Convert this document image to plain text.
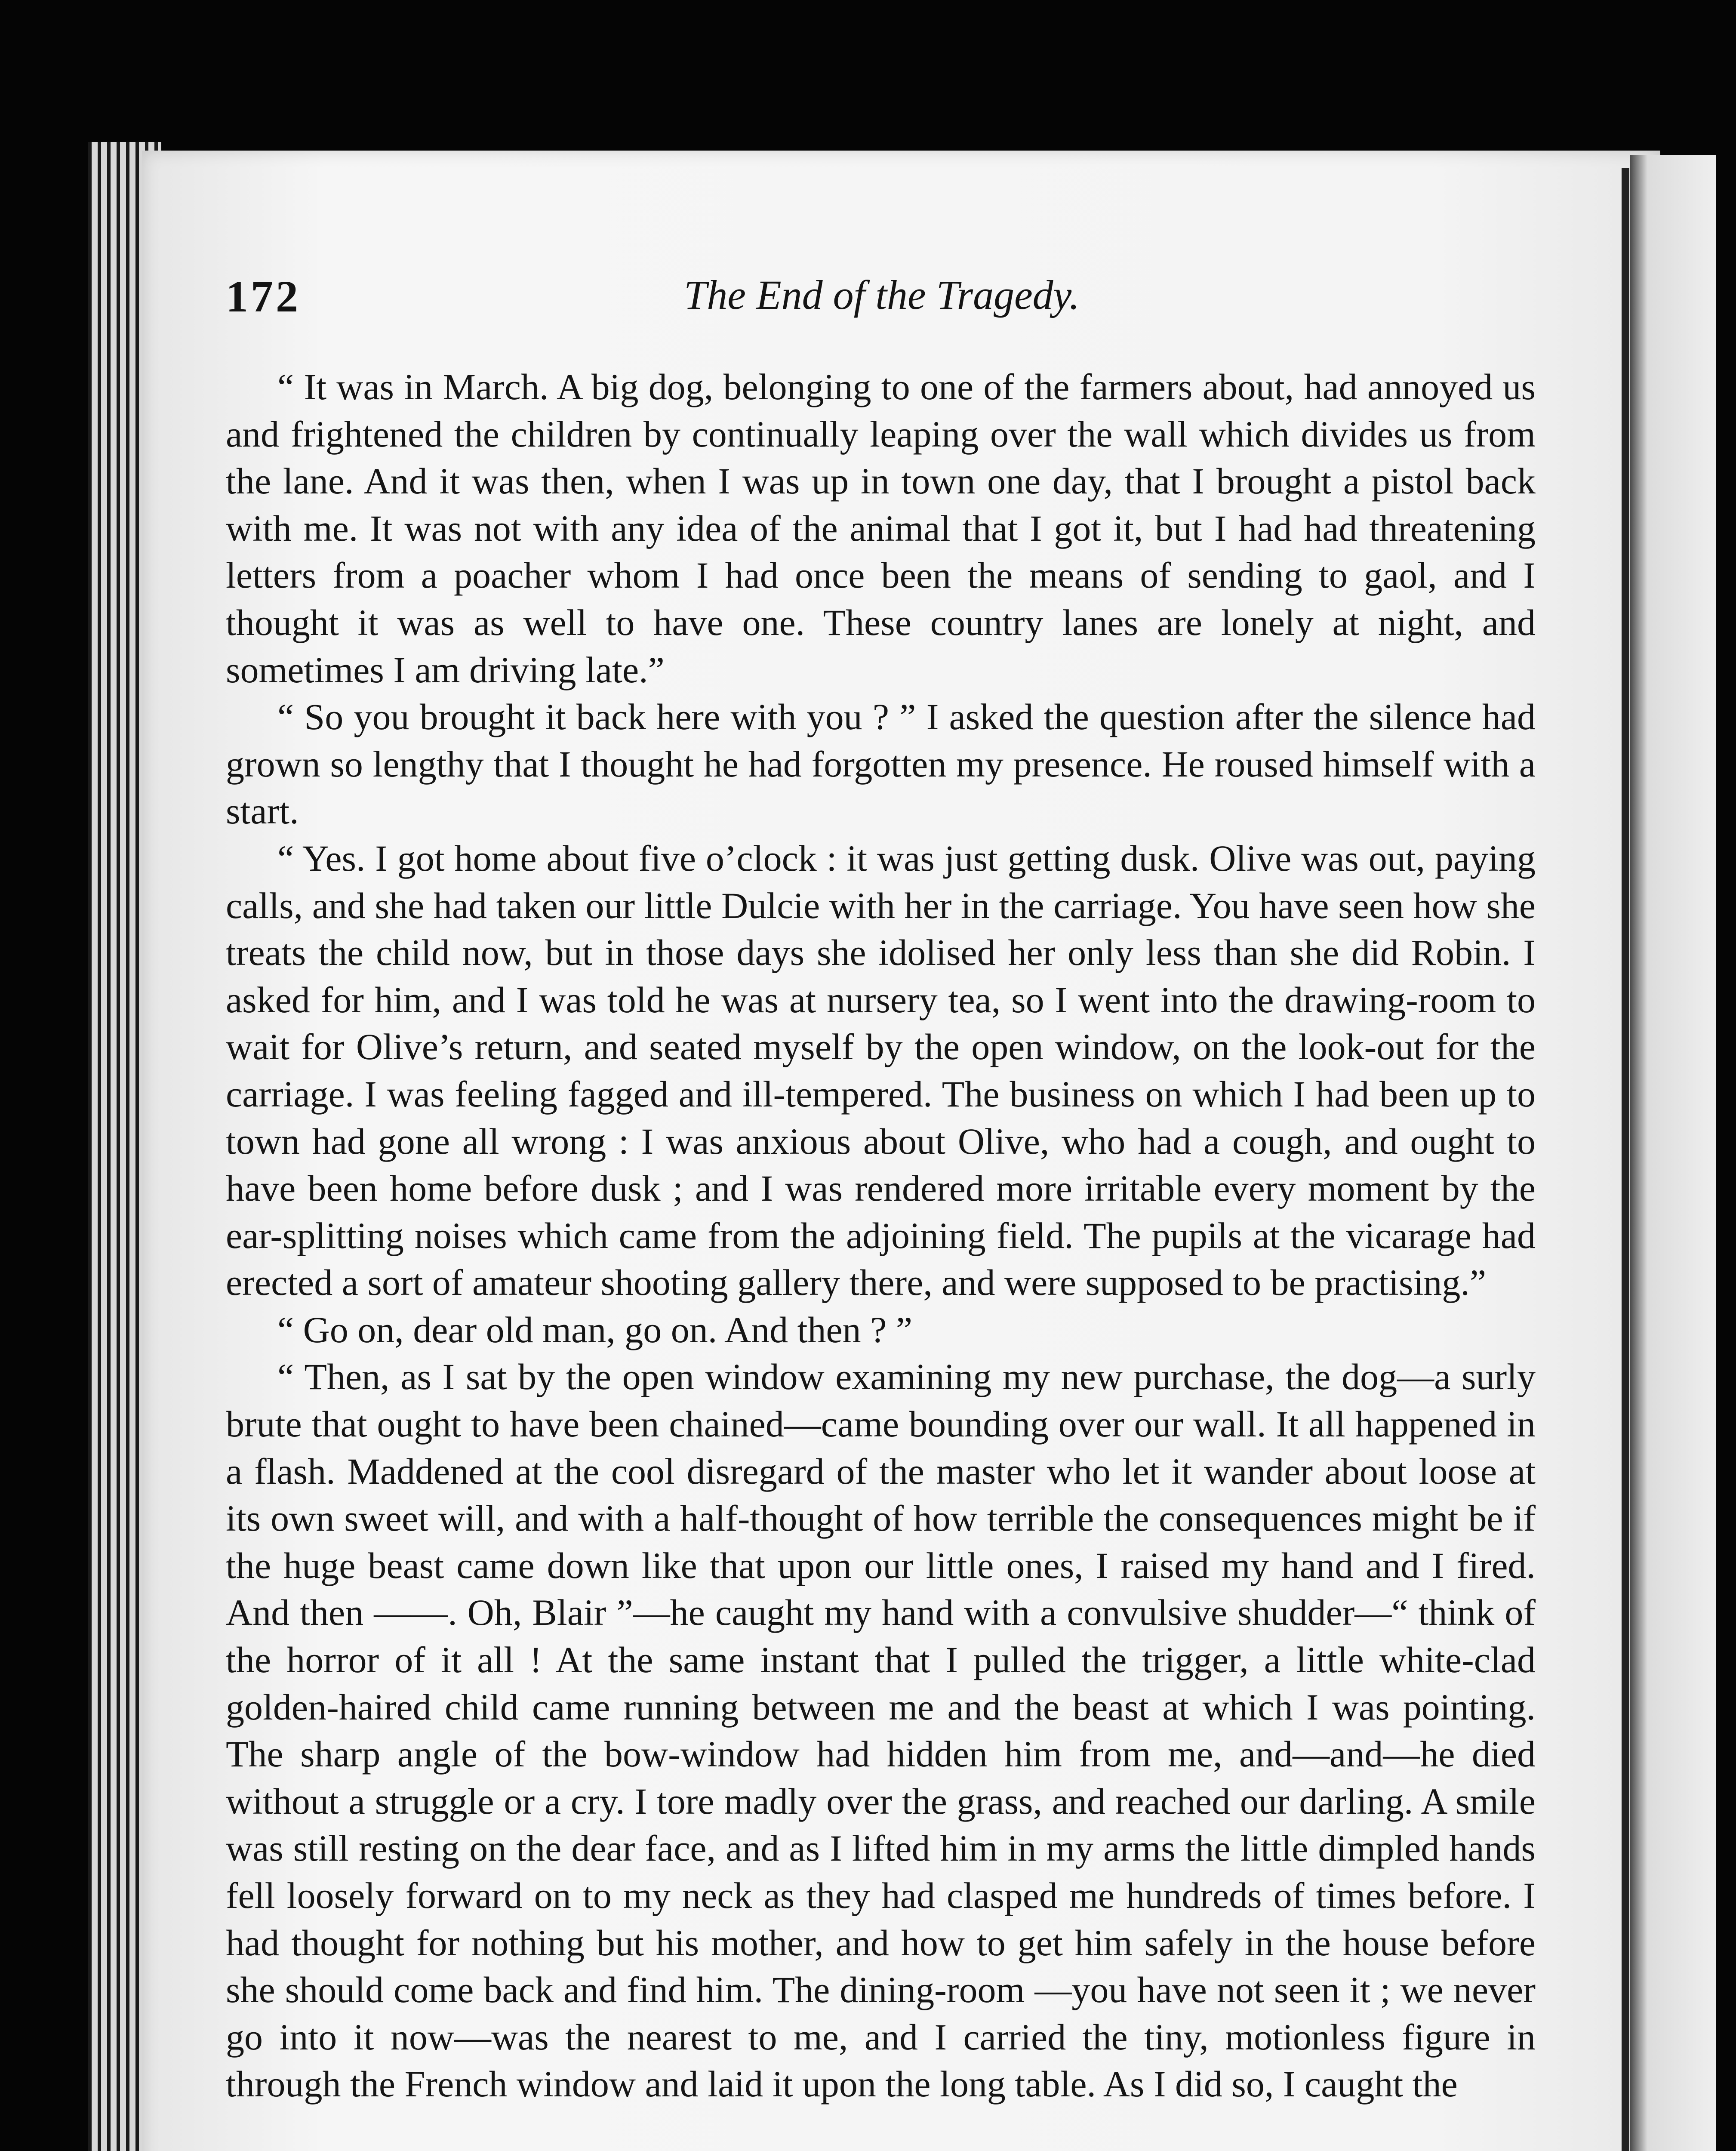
172	The End of the Tragedy.

“ It was in March. A big dog, belonging to one of the farmers about, had annoyed us and frightened the children by continually leaping over the wall which divides us from the lane. And it was then, when I was up in town one day, that I brought a pistol back with me. It was not with any idea of the animal that I got it, but I had had threatening letters from a poacher whom I had once been the means of sending to gaol, and I thought it was as well to have one. These country lanes are lonely at night, and sometimes I am driving late.”

“ So you brought it back here with you ? ” I asked the question after the silence had grown so lengthy that I thought he had forgotten my presence. He roused himself with a start.

“ Yes. I got home about five o’clock : it was just getting dusk. Olive was out, paying calls, and she had taken our little Dulcie with her in the carriage. You have seen how she treats the child now, but in those days she idolised her only less than she did Robin. I asked for him, and I was told he was at nursery tea, so I went into the drawing-room to wait for Olive’s return, and seated myself by the open window, on the look-out for the carriage. I was feeling fagged and ill-tempered. The business on which I had been up to town had gone all wrong : I was anxious about Olive, who had a cough, and ought to have been home before dusk ; and I was rendered more irritable every moment by the ear-splitting noises which came from the adjoining field. The pupils at the vicarage had erected a sort of amateur shooting gallery there, and were supposed to be practising.”

“ Go on, dear old man, go on. And then ? ”

“ Then, as I sat by the open window examining my new purchase, the dog—a surly brute that ought to have been chained—came bounding over our wall. It all happened in a flash. Maddened at the cool disregard of the master who let it wander about loose at its own sweet will, and with a half-thought of how terrible the consequences might be if the huge beast came down like that upon our little ones, I raised my hand and I fired. And then ——. Oh, Blair ”—he caught my hand with a convulsive shudder—“ think of the horror of it all ! At the same instant that I pulled the trigger, a little white-clad golden-haired child came running between me and the beast at which I was pointing. The sharp angle of the bow-window had hidden him from me, and—and—he died without a struggle or a cry. I tore madly over the grass, and reached our darling. A smile was still resting on the dear face, and as I lifted him in my arms the little dimpled hands fell loosely forward on to my neck as they had clasped me hundreds of times before. I had thought for nothing but his mother, and how to get him safely in the house before she should come back and find him. The dining-room —you have not seen it ; we never go into it now—was the nearest to me, and I carried the tiny, motionless figure in through the French window and laid it upon the long table. As I did so, I caught the
